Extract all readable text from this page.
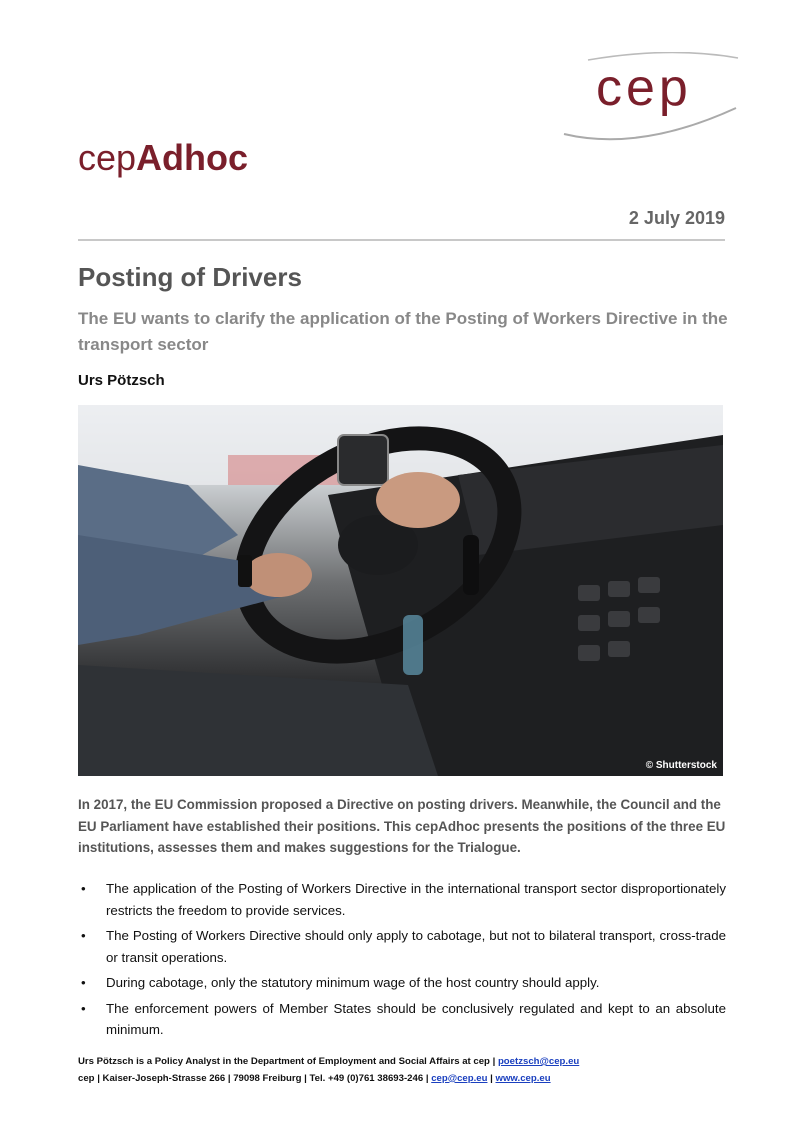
cep
cepAdhoc
2 July 2019
Posting of Drivers
The EU wants to clarify the application of the Posting of Workers Directive in the transport sector
Urs Pötzsch
© Shutterstock
In 2017, the EU Commission proposed a Directive on posting drivers. Meanwhile, the Council and the EU Parliament have established their positions. This cepAdhoc presents the positions of the three EU institutions, assesses them and makes suggestions for the Trialogue.
• The application of the Posting of Workers Directive in the international transport sector disproportionately restricts the freedom to provide services.
• The Posting of Workers Directive should only apply to cabotage, but not to bilateral transport, cross-trade or transit operations.
• During cabotage, only the statutory minimum wage of the host country should apply.
• The enforcement powers of Member States should be conclusively regulated and kept to an absolute minimum.
Urs Pötzsch is a Policy Analyst in the Department of Employment and Social Affairs at cep | poetzsch@cep.eu
cep | Kaiser-Joseph-Strasse 266 | 79098 Freiburg | Tel. +49 (0)761 38693-246 | cep@cep.eu | www.cep.eu
